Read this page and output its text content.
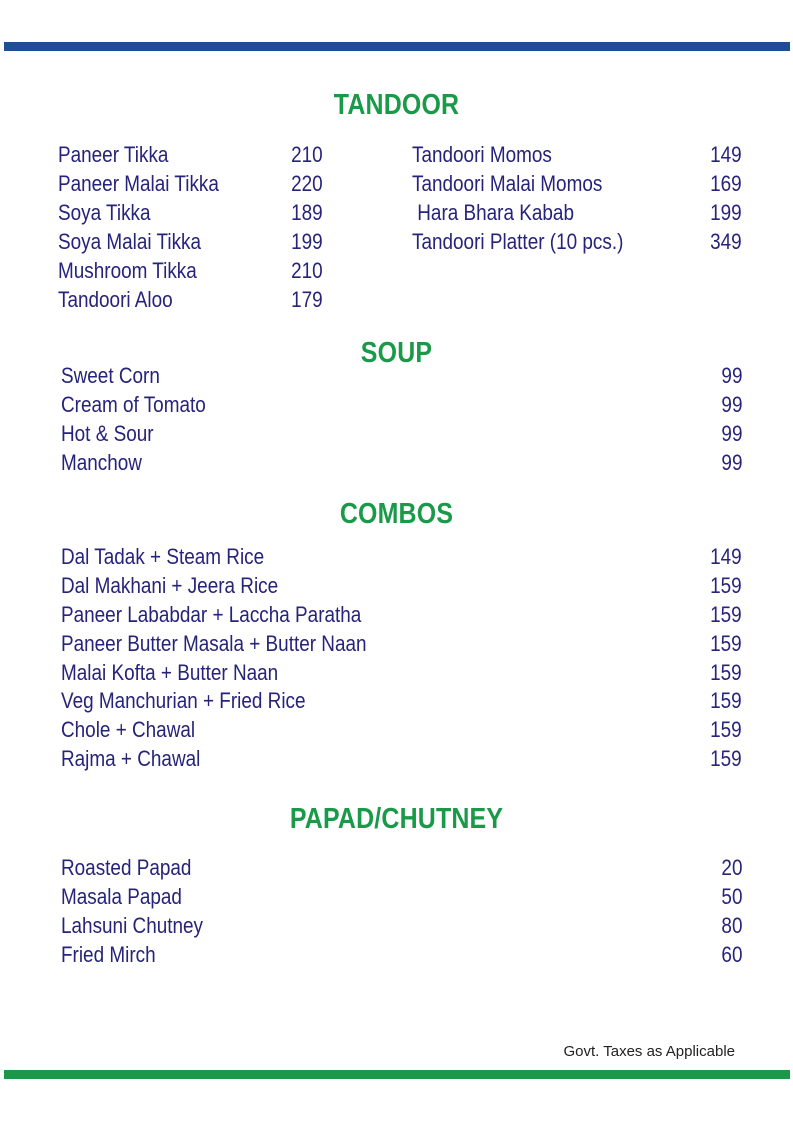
TANDOOR
Paneer Tikka	210
Paneer Malai Tikka	220
Soya Tikka	189
Soya Malai Tikka	199
Mushroom Tikka	210
Tandoori Aloo	179
Tandoori Momos	149
Tandoori Malai Momos	169
Hara Bhara Kabab	199
Tandoori Platter (10 pcs.)	349
SOUP
Sweet Corn	99
Cream of Tomato	99
Hot & Sour	99
Manchow	99
COMBOS
Dal Tadak + Steam Rice	149
Dal Makhani + Jeera Rice	159
Paneer Lababdar + Laccha Paratha	159
Paneer Butter Masala + Butter Naan	159
Malai Kofta + Butter Naan	159
Veg Manchurian + Fried Rice	159
Chole + Chawal	159
Rajma + Chawal	159
PAPAD/CHUTNEY
Roasted Papad	20
Masala Papad	50
Lahsuni Chutney	80
Fried Mirch	60
Govt. Taxes as Applicable
